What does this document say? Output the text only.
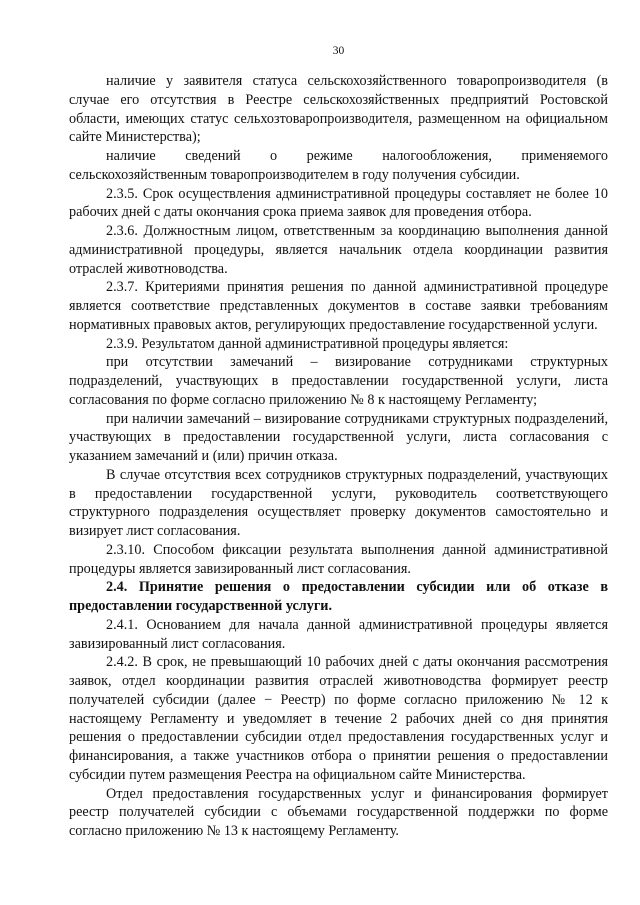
30

наличие у заявителя статуса сельскохозяйственного товаропроизводителя (в случае его отсутствия в Реестре сельскохозяйственных предприятий Ростовской области, имеющих статус сельхозтоваропроизводителя, размещенном на официальном сайте Министерства);

наличие сведений о режиме налогообложения, применяемого сельскохозяйственным товаропроизводителем в году получения субсидии.

2.3.5. Срок осуществления административной процедуры составляет не более 10 рабочих дней с даты окончания срока приема заявок для проведения отбора.

2.3.6. Должностным лицом, ответственным за координацию выполнения данной административной процедуры, является начальник отдела координации развития отраслей животноводства.

2.3.7. Критериями принятия решения по данной административной процедуре является соответствие представленных документов в составе заявки требованиям нормативных правовых актов, регулирующих предоставление государственной услуги.

2.3.9. Результатом данной административной процедуры является:

при отсутствии замечаний – визирование сотрудниками структурных подразделений, участвующих в предоставлении государственной услуги, листа согласования по форме согласно приложению № 8 к настоящему Регламенту;

при наличии замечаний – визирование сотрудниками структурных подразделений, участвующих в предоставлении государственной услуги, листа согласования с указанием замечаний и (или) причин отказа.

В случае отсутствия всех сотрудников структурных подразделений, участвующих в предоставлении государственной услуги, руководитель соответствующего структурного подразделения осуществляет проверку документов самостоятельно и визирует лист согласования.

2.3.10. Способом фиксации результата выполнения данной административной процедуры является завизированный лист согласования.

2.4. Принятие решения о предоставлении субсидии или об отказе в предоставлении государственной услуги.

2.4.1. Основанием для начала данной административной процедуры является завизированный лист согласования.

2.4.2. В срок, не превышающий 10 рабочих дней с даты окончания рассмотрения заявок, отдел координации развития отраслей животноводства формирует реестр получателей субсидии (далее − Реестр) по форме согласно приложению № 12 к настоящему Регламенту и уведомляет в течение 2 рабочих дней со дня принятия решения о предоставлении субсидии отдел предоставления государственных услуг и финансирования, а также участников отбора о принятии решения о предоставлении субсидии путем размещения Реестра на официальном сайте Министерства.

Отдел предоставления государственных услуг и финансирования формирует реестр получателей субсидии с объемами государственной поддержки по форме согласно приложению № 13 к настоящему Регламенту.
